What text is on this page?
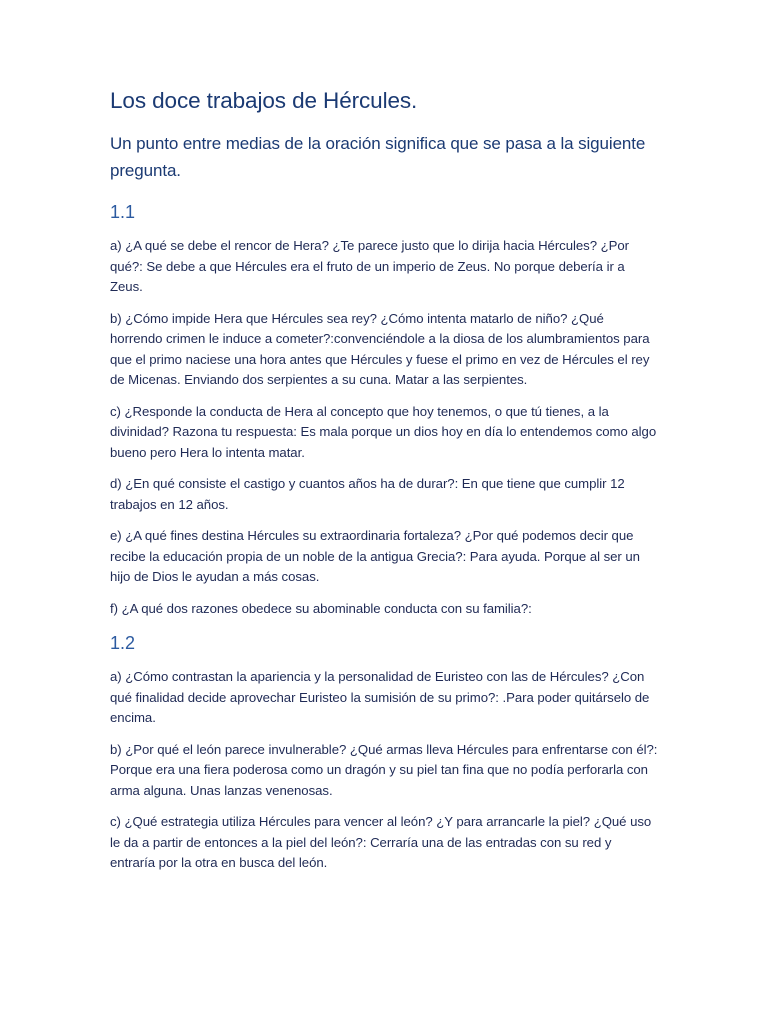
Los doce trabajos de Hércules.

Un punto entre medias de la oración significa que se pasa a la siguiente pregunta.

1.1

a) ¿A qué se debe el rencor de Hera? ¿Te parece justo que lo dirija hacia Hércules? ¿Por qué?: Se debe a que Hércules era el fruto de un imperio de Zeus. No porque debería ir a Zeus.

b) ¿Cómo impide Hera que Hércules sea rey? ¿Cómo intenta matarlo de niño? ¿Qué horrendo crimen le induce a cometer?:convenciéndole a la diosa de los alumbramientos para que el primo naciese una hora antes que Hércules y fuese el primo en vez de Hércules el rey de Micenas. Enviando dos serpientes a su cuna. Matar a las serpientes.

c) ¿Responde la conducta de Hera al concepto que hoy tenemos, o que tú tienes, a la divinidad? Razona tu respuesta: Es mala porque un dios hoy en día lo entendemos como algo bueno pero Hera lo intenta matar.

d) ¿En qué consiste el castigo y cuantos años ha de durar?: En que tiene que cumplir 12 trabajos en 12 años.

e) ¿A qué fines destina Hércules su extraordinaria fortaleza? ¿Por qué podemos decir que recibe la educación propia de un noble de la antigua Grecia?: Para ayuda. Porque al ser un hijo de Dios le ayudan a más cosas.

f) ¿A qué dos razones obedece su abominable conducta con su familia?:

1.2

a) ¿Cómo contrastan la apariencia y la personalidad de Euristeo con las de Hércules? ¿Con qué finalidad decide aprovechar Euristeo la sumisión de su primo?: .Para poder quitárselo de encima.

b) ¿Por qué el león parece invulnerable? ¿Qué armas lleva Hércules para enfrentarse con él?: Porque era una fiera poderosa como un dragón y su piel tan fina que no podía perforarla con arma alguna. Unas lanzas venenosas.

c) ¿Qué estrategia utiliza Hércules para vencer al león? ¿Y para arrancarle la piel? ¿Qué uso le da a partir de entonces a la piel del león?: Cerraría una de las entradas con su red y entraría por la otra en busca del león.
